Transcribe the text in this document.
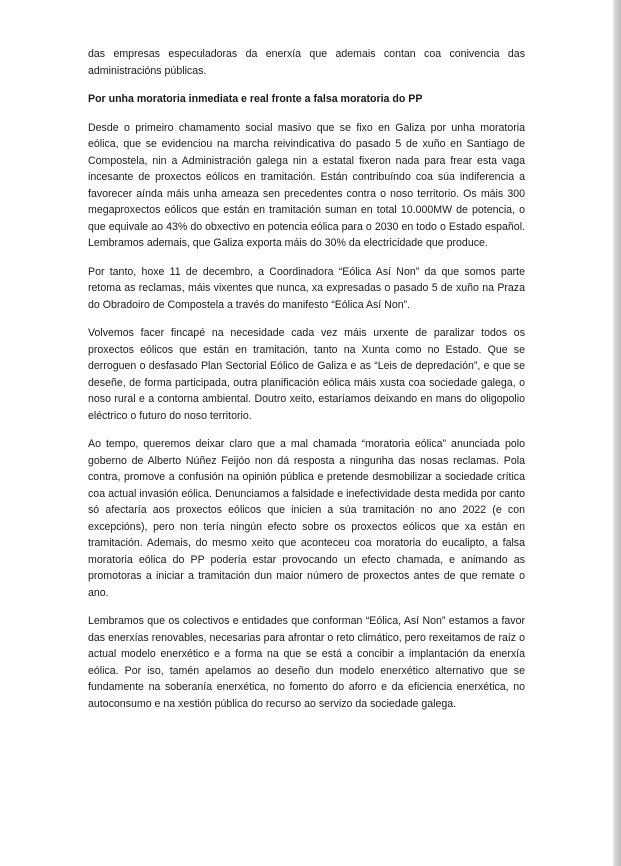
das empresas especuladoras da enerxía que ademais contan coa conivencia das administracións públicas.

Por unha moratoria inmediata e real fronte a falsa moratoria do PP

Desde o primeiro chamamento social masivo que se fixo en Galiza por unha moratoria eólica, que se evidenciou na marcha reivindicativa do pasado 5 de xuño en Santiago de Compostela, nin a Administración galega nin a estatal fixeron nada para frear esta vaga incesante de proxectos eólicos en tramitación. Están contribuíndo coa súa indiferencia a favorecer aínda máis unha ameaza sen precedentes contra o noso territorio. Os máis 300 megaproxectos eólicos que están en tramitación suman en total 10.000MW de potencia, o que equivale ao 43% do obxectivo en potencia eólica para o 2030 en todo o Estado español. Lembramos ademais, que Galiza exporta máis do 30% da electricidade que produce.

Por tanto, hoxe 11 de decembro, a Coordinadora “Eólica Así Non” da que somos parte retoma as reclamas, máis vixentes que nunca, xa expresadas o pasado 5 de xuño na Praza do Obradoiro de Compostela a través do manifesto “Eólica Así Non”.

Volvemos facer fincapé na necesidade cada vez máis urxente de paralizar todos os proxectos eólicos que están en tramitación, tanto na Xunta como no Estado. Que se derroguen o desfasado Plan Sectorial Eólico de Galiza e as “Leis de depredación”, e que se deseñe, de forma participada, outra planificación eólica máis xusta coa sociedade galega, o noso rural e a contorna ambiental. Doutro xeito, estaríamos deixando en mans do oligopolio eléctrico o futuro do noso territorio.

Ao tempo, queremos deixar claro que a mal chamada “moratoria eólica” anunciada polo goberno de Alberto Núñez Feijóo non dá resposta a ningunha das nosas reclamas. Pola contra, promove a confusión na opinión pública e pretende desmobilizar a sociedade crítica coa actual invasión eólica. Denunciamos a falsidade e inefectividade desta medida por canto só afectaría aos proxectos eólicos que inicien a súa tramitación no ano 2022 (e con excepcións), pero non tería ningún efecto sobre os proxectos eólicos que xa están en tramitación. Ademais, do mesmo xeito que aconteceu coa moratoria do eucalipto, a falsa moratoria eólica do PP podería estar provocando un efecto chamada, e animando as promotoras a iniciar a tramitación dun maior número de proxectos antes de que remate o ano.

Lembramos que os colectivos e entidades que conforman “Eólica, Así Non” estamos a favor das enerxías renovables, necesarias para afrontar o reto climático, pero rexeitamos de raíz o actual modelo enerxético e a forma na que se está a concibir a implantación da enerxía eólica. Por iso, tamén apelamos ao deseño dun modelo enerxético alternativo que se fundamente na soberanía enerxética, no fomento do aforro e da eficiencia enerxética, no autoconsumo e na xestión pública do recurso ao servizo da sociedade galega.
